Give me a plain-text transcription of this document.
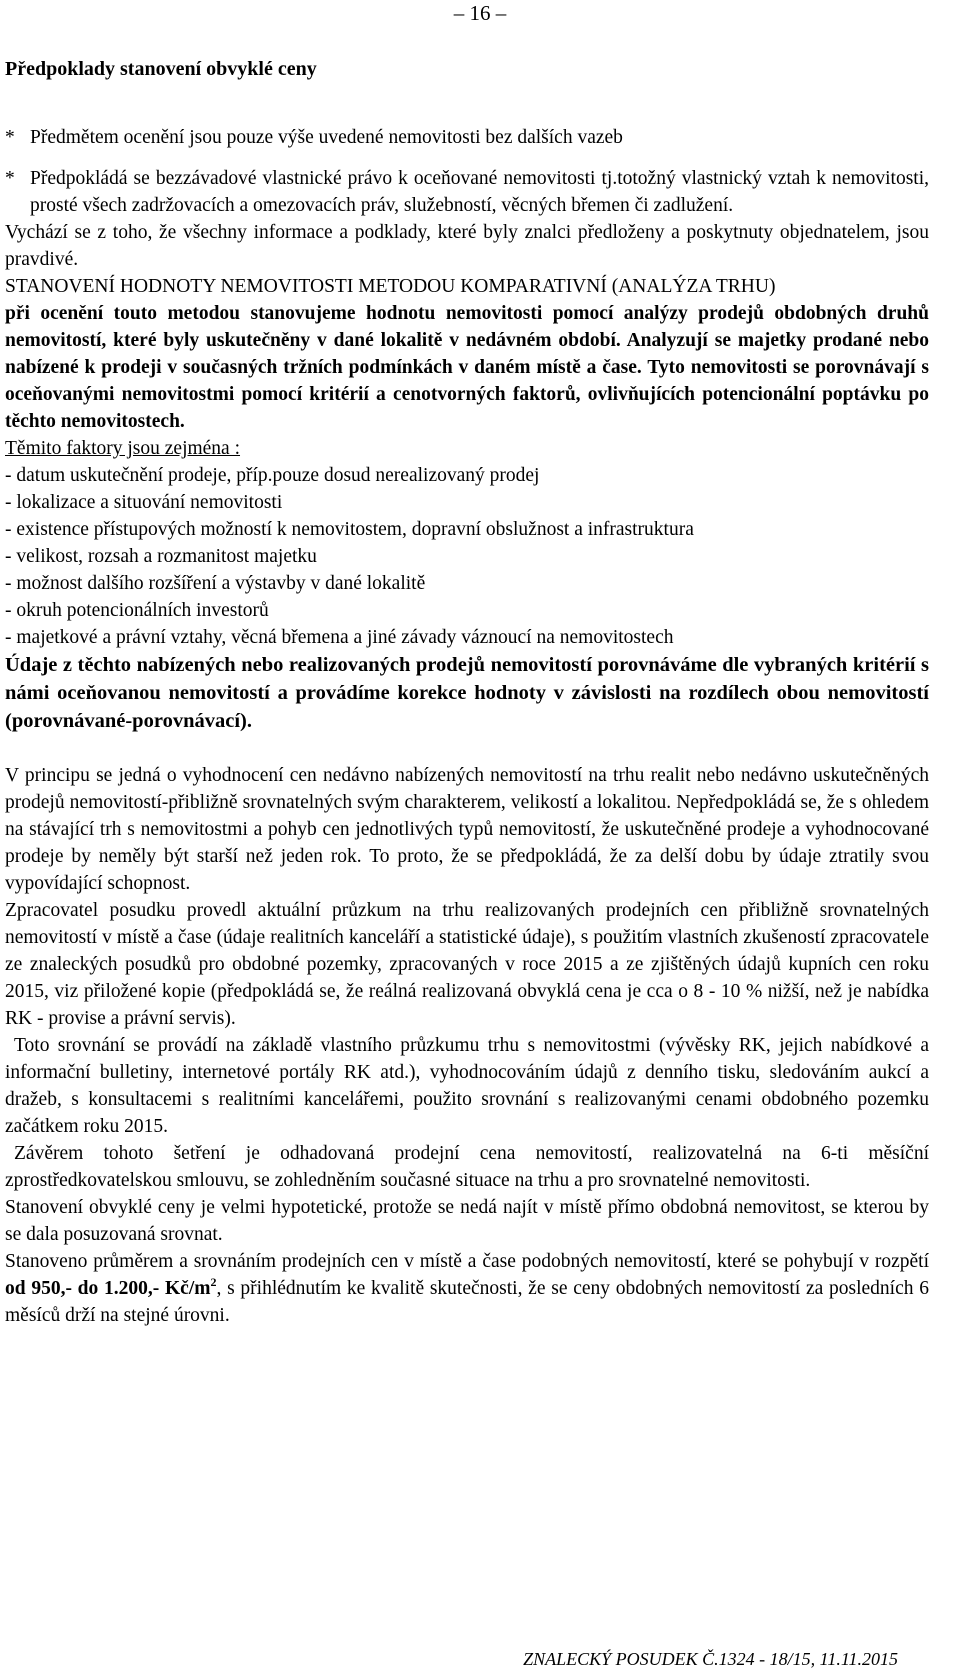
– 16 –
Předpoklady stanovení obvyklé ceny
* Předmětem ocenění jsou pouze výše uvedené nemovitosti bez dalších vazeb
* Předpokládá se bezzávadové vlastnické právo k oceňované nemovitosti tj.totožný vlastnický vztah k nemovitosti, prosté všech zadržovacích a omezovacích práv, služebností, věcných břemen či zadlužení.

Vychází se z toho, že všechny informace a podklady, které byly znalci předloženy a poskytnuty objednatelem, jsou pravdivé.

STANOVENÍ HODNOTY NEMOVITOSTI METODOU KOMPARATIVNÍ (ANALÝZA TRHU)

při ocenění touto metodou stanovujeme hodnotu nemovitosti pomocí analýzy prodejů obdobných druhů nemovitostí, které byly uskutečněny v dané lokalitě v nedávném období. Analyzují se majetky prodané nebo nabízené k prodeji v současných tržních podmínkách v daném místě a čase. Tyto nemovitosti se porovnávají s oceňovanými nemovitostmi pomocí kritérií a cenotvorných faktorů, ovlivňujících potencionální poptávku po těchto nemovitostech.

Těmito faktory jsou zejména :

- datum uskutečnění prodeje, příp.pouze dosud nerealizovaný prodej

- lokalizace a situování nemovitosti

- existence přístupových možností k nemovitostem, dopravní obslužnost a infrastruktura

- velikost, rozsah a rozmanitost majetku

- možnost dalšího rozšíření a výstavby v dané lokalitě

- okruh potencionálních investorů

- majetkové a právní vztahy, věcná břemena a jiné závady váznoucí na nemovitostech

Údaje z těchto nabízených nebo realizovaných prodejů nemovitostí porovnáváme dle vybraných kritérií s námi oceňovanou nemovitostí a provádíme korekce hodnoty v závislosti na rozdílech obou nemovitostí (porovnávané-porovnávací).

V principu se jedná o vyhodnocení cen nedávno nabízených nemovitostí na trhu realit nebo nedávno uskutečněných prodejů nemovitostí-přibližně srovnatelných svým charakterem, velikostí a lokalitou. Nepředpokládá se, že s ohledem na stávající trh s nemovitostmi a pohyb cen jednotlivých typů nemovitostí, že uskutečněné prodeje a vyhodnocované prodeje by neměly být starší než jeden rok. To proto, že se předpokládá, že za delší dobu by údaje ztratily svou vypovídající schopnost.

Zpracovatel posudku provedl aktuální průzkum na trhu realizovaných prodejních cen přibližně srovnatelných nemovitostí v místě a čase (údaje realitních kanceláří a statistické údaje), s použitím vlastních zkušeností zpracovatele ze znaleckých posudků pro obdobné pozemky, zpracovaných v roce 2015 a ze zjištěných údajů kupních cen roku 2015, viz přiložené kopie (předpokládá se, že reálná realizovaná obvyklá cena je cca o 8 - 10 % nižší, než je nabídka RK - provise a právní servis).

Toto srovnání se provádí na základě vlastního průzkumu trhu s nemovitostmi (vývěsky RK, jejich nabídkové a informační bulletiny, internetové portály RK atd.), vyhodnocováním údajů z denního tisku, sledováním aukcí a dražeb, s konsultacemi s realitními kancelářemi, použito srovnání s realizovanými cenami obdobného pozemku začátkem roku 2015.

Závěrem tohoto šetření je odhadovaná prodejní cena nemovitostí, realizovatelná na 6-ti měsíční zprostředkovatelskou smlouvu, se zohledněním současné situace na trhu a pro srovnatelné nemovitosti.

Stanovení obvyklé ceny je velmi hypotetické, protože se nedá najít v místě přímo obdobná nemovitost, se kterou by se dala posuzovaná srovnat.

Stanoveno průměrem a srovnáním prodejních cen v místě a čase podobných nemovitostí, které se pohybují v rozpětí od 950,- do 1.200,- $Kč/m^2$, s přihlédnutím ke kvalitě skutečnosti, že se ceny obdobných nemovitostí za posledních 6 měsíců drží na stejné úrovni.

ZNALECKÝ POSUDEK Č.1324 - 18/15, 11.11.2015
